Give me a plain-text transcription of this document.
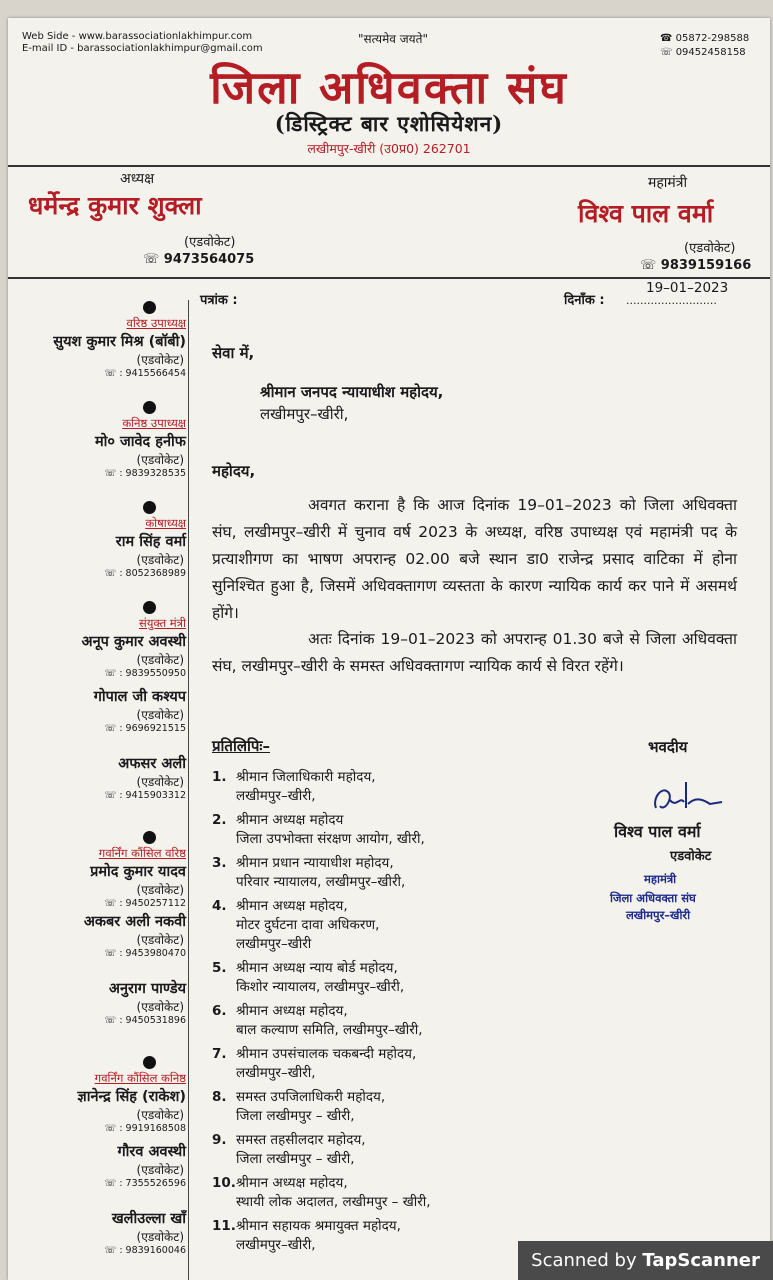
Web Side - www.barassociationlakhimpur.com
E-mail ID - barassociationlakhimpur@gmail.com
"सत्यमेव जयते"	☎ 05872-298588
☏ 09452458158
जिला अधिवक्ता संघ
(डिस्ट्रिक्ट बार एशोसियेशन)
लखीमपुर-खीरी (उ0प्र0) 262701
अध्यक्ष
धर्मेन्द्र कुमार शुक्ला
(एडवोकेट)
☏ 9473564075
महामंत्री
विश्व पाल वर्मा
(एडवोकेट)
☏ 9839159166
पत्रांक :	दिनाँक : ..........................
19–01–2023
वरिष्ठ उपाध्यक्ष
सुयश कुमार मिश्र (बॉबी)
(एडवोकेट)
☏ : 9415566454
कनिष्ठ उपाध्यक्ष
मो० जावेद हनीफ
(एडवोकेट)
☏ : 9839328535
कोषाध्यक्ष
राम सिंह वर्मा
(एडवोकेट)
☏ : 8052368989
संयुक्त मंत्री
अनूप कुमार अवस्थी
(एडवोकेट)
☏ : 9839550950
गोपाल जी कश्यप
(एडवोकेट)
☏ : 9696921515
अफसर अली
(एडवोकेट)
☏ : 9415903312
गवर्निंग कौंसिल वरिष्ठ
प्रमोद कुमार यादव
(एडवोकेट)
☏ : 9450257112
अकबर अली नकवी
(एडवोकेट)
☏ : 9453980470
अनुराग पाण्डेय
(एडवोकेट)
☏ : 9450531896
गवर्निंग कौंसिल कनिष्ठ
ज्ञानेन्द्र सिंह (राकेश)
(एडवोकेट)
☏ : 9919168508
गौरव अवस्थी
(एडवोकेट)
☏ : 7355526596
खलीउल्ला खाँ
(एडवोकेट)
☏ : 9839160046
सेवा में,
श्रीमान जनपद न्यायाधीश महोदय,
लखीमपुर–खीरी,
महोदय,
अवगत कराना है कि आज दिनांक 19–01–2023 को जिला अधिवक्ता संघ, लखीमपुर–खीरी में चुनाव वर्ष 2023 के अध्यक्ष, वरिष्ठ उपाध्यक्ष एवं महामंत्री पद के प्रत्याशीगण का भाषण अपरान्ह 02.00 बजे स्थान डा0 राजेन्द्र प्रसाद वाटिका में होना सुनिश्चित हुआ है, जिसमें अधिवक्तागण व्यस्तता के कारण न्यायिक कार्य कर पाने में असमर्थ होंगे।
अतः दिनांक 19–01–2023 को अपरान्ह 01.30 बजे से जिला अधिवक्ता संघ, लखीमपुर–खीरी के समस्त अधिवक्तागण न्यायिक कार्य से विरत रहेंगे।
प्रतिलिपिः–
1. श्रीमान जिलाधिकारी महोदय,
लखीमपुर–खीरी,
2. श्रीमान अध्यक्ष महोदय
जिला उपभोक्ता संरक्षण आयोग, खीरी,
3. श्रीमान प्रधान न्यायाधीश महोदय,
परिवार न्यायालय, लखीमपुर–खीरी,
4. श्रीमान अध्यक्ष महोदय,
मोटर दुर्घटना दावा अधिकरण,
लखीमपुर–खीरी
5. श्रीमान अध्यक्ष न्याय बोर्ड महोदय,
किशोर न्यायालय, लखीमपुर–खीरी,
6. श्रीमान अध्यक्ष महोदय,
बाल कल्याण समिति, लखीमपुर–खीरी,
7. श्रीमान उपसंचालक चकबन्दी महोदय,
लखीमपुर–खीरी,
8. समस्त उपजिलाधिकरी महोदय,
जिला लखीमपुर – खीरी,
9. समस्त तहसीलदार महोदय,
जिला लखीमपुर – खीरी,
10.श्रीमान अध्यक्ष महोदय,
स्थायी लोक अदालत, लखीमपुर – खीरी,
11.श्रीमान सहायक श्रमायुक्त महोदय,
लखीमपुर–खीरी,
भवदीय
विश्व पाल वर्मा
एडवोकेट
महामंत्री
जिला अधिवक्ता संघ
लखीमपुर–खीरी
Scanned by TapScanner
